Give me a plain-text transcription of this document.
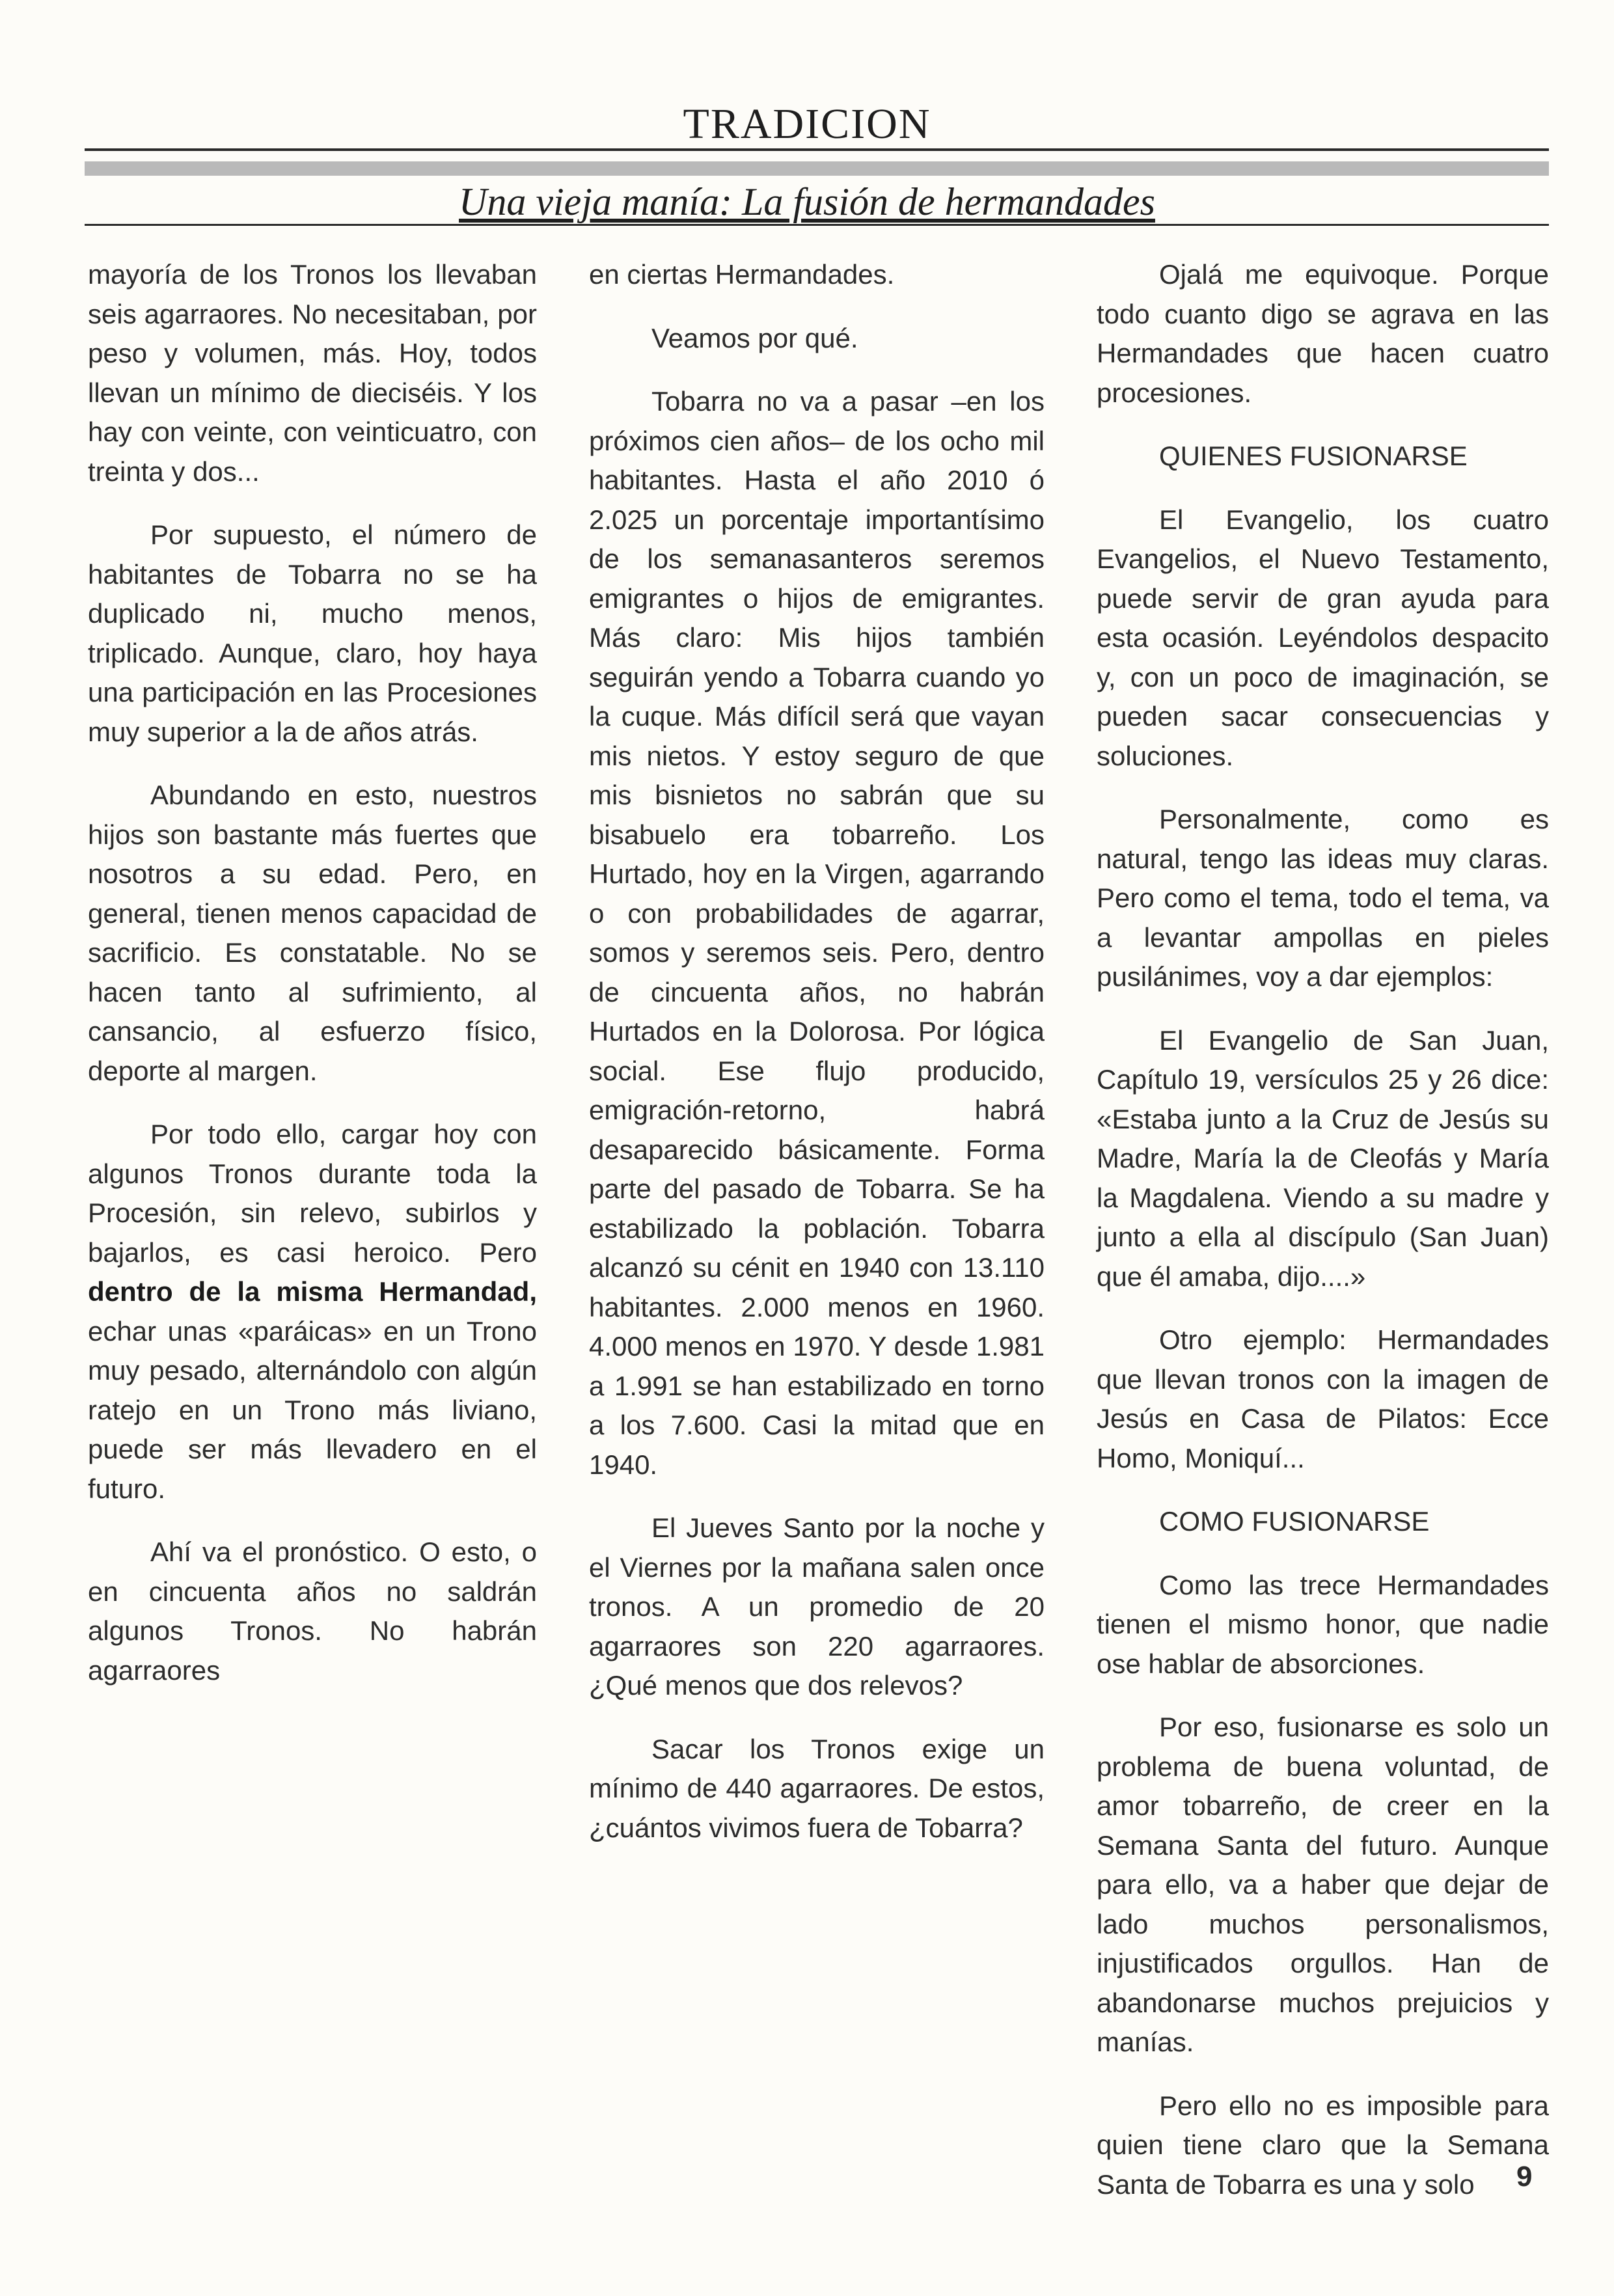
TRADICION
Una vieja manía: La fusión de hermandades

mayoría de los Tronos los llevaban seis agarraores. No necesitaban, por peso y volumen, más. Hoy, todos llevan un mínimo de dieciséis. Y los hay con veinte, con veinticuatro, con treinta y dos...

Por supuesto, el número de habitantes de Tobarra no se ha duplicado ni, mucho menos, triplicado. Aunque, claro, hoy haya una participación en las Procesiones muy superior a la de años atrás.

Abundando en esto, nuestros hijos son bastante más fuertes que nosotros a su edad. Pero, en general, tienen menos capacidad de sacrificio. Es constatable. No se hacen tanto al sufrimiento, al cansancio, al esfuerzo físico, deporte al margen.

Por todo ello, cargar hoy con algunos Tronos durante toda la Procesión, sin relevo, subirlos y bajarlos, es casi heroico. Pero dentro de la misma Hermandad, echar unas «paráicas» en un Trono muy pesado, alternándolo con algún ratejo en un Trono más liviano, puede ser más llevadero en el futuro.

Ahí va el pronóstico. O esto, o en cincuenta años no saldrán algunos Tronos. No habrán agarraores

en ciertas Hermandades.

Veamos por qué.

Tobarra no va a pasar –en los próximos cien años– de los ocho mil habitantes. Hasta el año 2010 ó 2.025 un porcentaje importantísimo de los semanasanteros seremos emigrantes o hijos de emigrantes. Más claro: Mis hijos también seguirán yendo a Tobarra cuando yo la cuque. Más difícil será que vayan mis nietos. Y estoy seguro de que mis bisnietos no sabrán que su bisabuelo era tobarreño. Los Hurtado, hoy en la Virgen, agarrando o con probabilidades de agarrar, somos y seremos seis. Pero, dentro de cincuenta años, no habrán Hurtados en la Dolorosa. Por lógica social. Ese flujo producido, emigración-retorno, habrá desaparecido básicamente. Forma parte del pasado de Tobarra. Se ha estabilizado la población. Tobarra alcanzó su cénit en 1940 con 13.110 habitantes. 2.000 menos en 1960. 4.000 menos en 1970. Y desde 1.981 a 1.991 se han estabilizado en torno a los 7.600. Casi la mitad que en 1940.

El Jueves Santo por la noche y el Viernes por la mañana salen once tronos. A un promedio de 20 agarraores son 220 agarraores. ¿Qué menos que dos relevos?

Sacar los Tronos exige un mínimo de 440 agarraores. De estos, ¿cuántos vivimos fuera de Tobarra?

Ojalá me equivoque. Porque todo cuanto digo se agrava en las Hermandades que hacen cuatro procesiones.

QUIENES FUSIONARSE

El Evangelio, los cuatro Evangelios, el Nuevo Testamento, puede servir de gran ayuda para esta ocasión. Leyéndolos despacito y, con un poco de imaginación, se pueden sacar consecuencias y soluciones.

Personalmente, como es natural, tengo las ideas muy claras. Pero como el tema, todo el tema, va a levantar ampollas en pieles pusilánimes, voy a dar ejemplos:

El Evangelio de San Juan, Capítulo 19, versículos 25 y 26 dice: «Estaba junto a la Cruz de Jesús su Madre, María la de Cleofás y María la Magdalena. Viendo a su madre y junto a ella al discípulo (San Juan) que él amaba, dijo....»

Otro ejemplo: Hermandades que llevan tronos con la imagen de Jesús en Casa de Pilatos: Ecce Homo, Moniquí...

COMO FUSIONARSE

Como las trece Hermandades tienen el mismo honor, que nadie ose hablar de absorciones.

Por eso, fusionarse es solo un problema de buena voluntad, de amor tobarreño, de creer en la Semana Santa del futuro. Aunque para ello, va a haber que dejar de lado muchos personalismos, injustificados orgullos. Han de abandonarse muchos prejuicios y manías.

Pero ello no es imposible para quien tiene claro que la Semana Santa de Tobarra es una y solo	9
